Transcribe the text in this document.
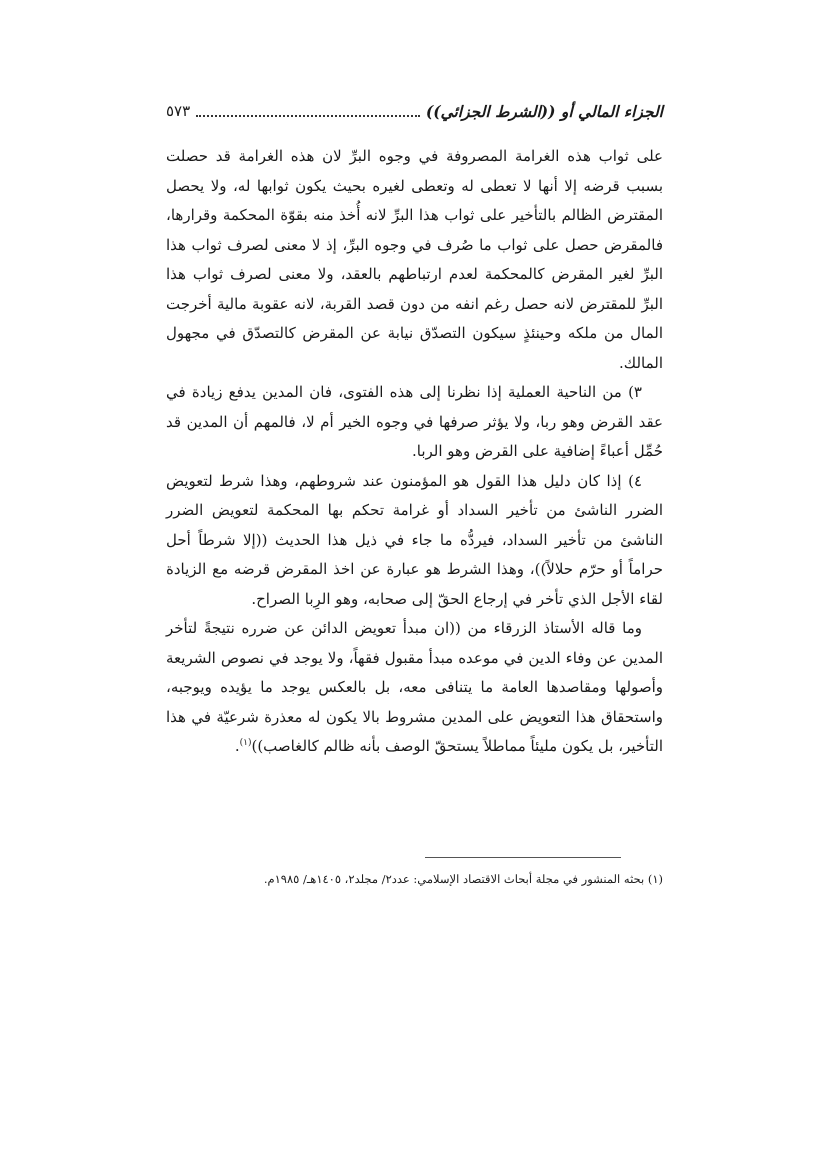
الجزاء المالي أو ((الشرط الجزائي))
٥٧٣

على ثواب هذه الغرامة المصروفة في وجوه البرِّ لان هذه الغرامة قد حصلت بسبب قرضه إلا أنها لا تعطى له وتعطى لغيره بحيث يكون ثوابها له، ولا يحصل المقترض الظالم بالتأخير على ثواب هذا البرِّ لانه أُخذ منه بقوّة المحكمة وقرارها، فالمقرض حصل على ثواب ما صُرف في وجوه البرِّ، إذ لا معنى لصرف ثواب هذا البرِّ لغير المقرض كالمحكمة لعدم ارتباطهم بالعقد، ولا معنى لصرف ثواب هذا البرِّ للمقترض لانه حصل رغم انفه من دون قصد القربة، لانه عقوبة مالية أخرجت المال من ملكه وحينئذٍ سيكون التصدّق نيابة عن المقرض كالتصدّق في مجهول المالك.

٣) من الناحية العملية إذا نظرنا إلى هذه الفتوى، فان المدين يدفع زيادة في عقد القرض وهو ربا، ولا يؤثر صرفها في وجوه الخير أم لا، فالمهم أن المدين قد حُمِّل أعباءً إضافية على القرض وهو الربا.

٤) إذا كان دليل هذا القول هو المؤمنون عند شروطهم، وهذا شرط لتعويض الضرر الناشئ من تأخير السداد أو غرامة تحكم بها المحكمة لتعويض الضرر الناشئ من تأخير السداد، فيردُّه ما جاء في ذيل هذا الحديث ((إلا شرطاً أحل حراماً أو حرّم حلالاً))، وهذا الشرط هو عبارة عن اخذ المقرض قرضه مع الزيادة لقاء الأجل الذي تأخر في إرجاع الحقّ إلى صحابه، وهو الرِبا الصراح.

وما قاله الأستاذ الزرقاء من ((ان مبدأ تعويض الدائن عن ضرره نتيجةً لتأخر المدين عن وفاء الدين في موعده مبدأ مقبول فقهاً، ولا يوجد في نصوص الشريعة وأصولها ومقاصدها العامة ما يتنافى معه، بل بالعكس يوجد ما يؤيده ويوجبه، واستحقاق هذا التعويض على المدين مشروط بالا يكون له معذرة شرعيّة في هذا التأخير، بل يكون مليئاً مماطلاً يستحقّ الوصف بأنه ظالم كالغاصب))$^{(١)}$.

(١) بحثه المنشور في مجلة أبحاث الاقتصاد الإسلامي: عدد٢/ مجلد٢، ١٤٠٥هـ/ ١٩٨٥م.
